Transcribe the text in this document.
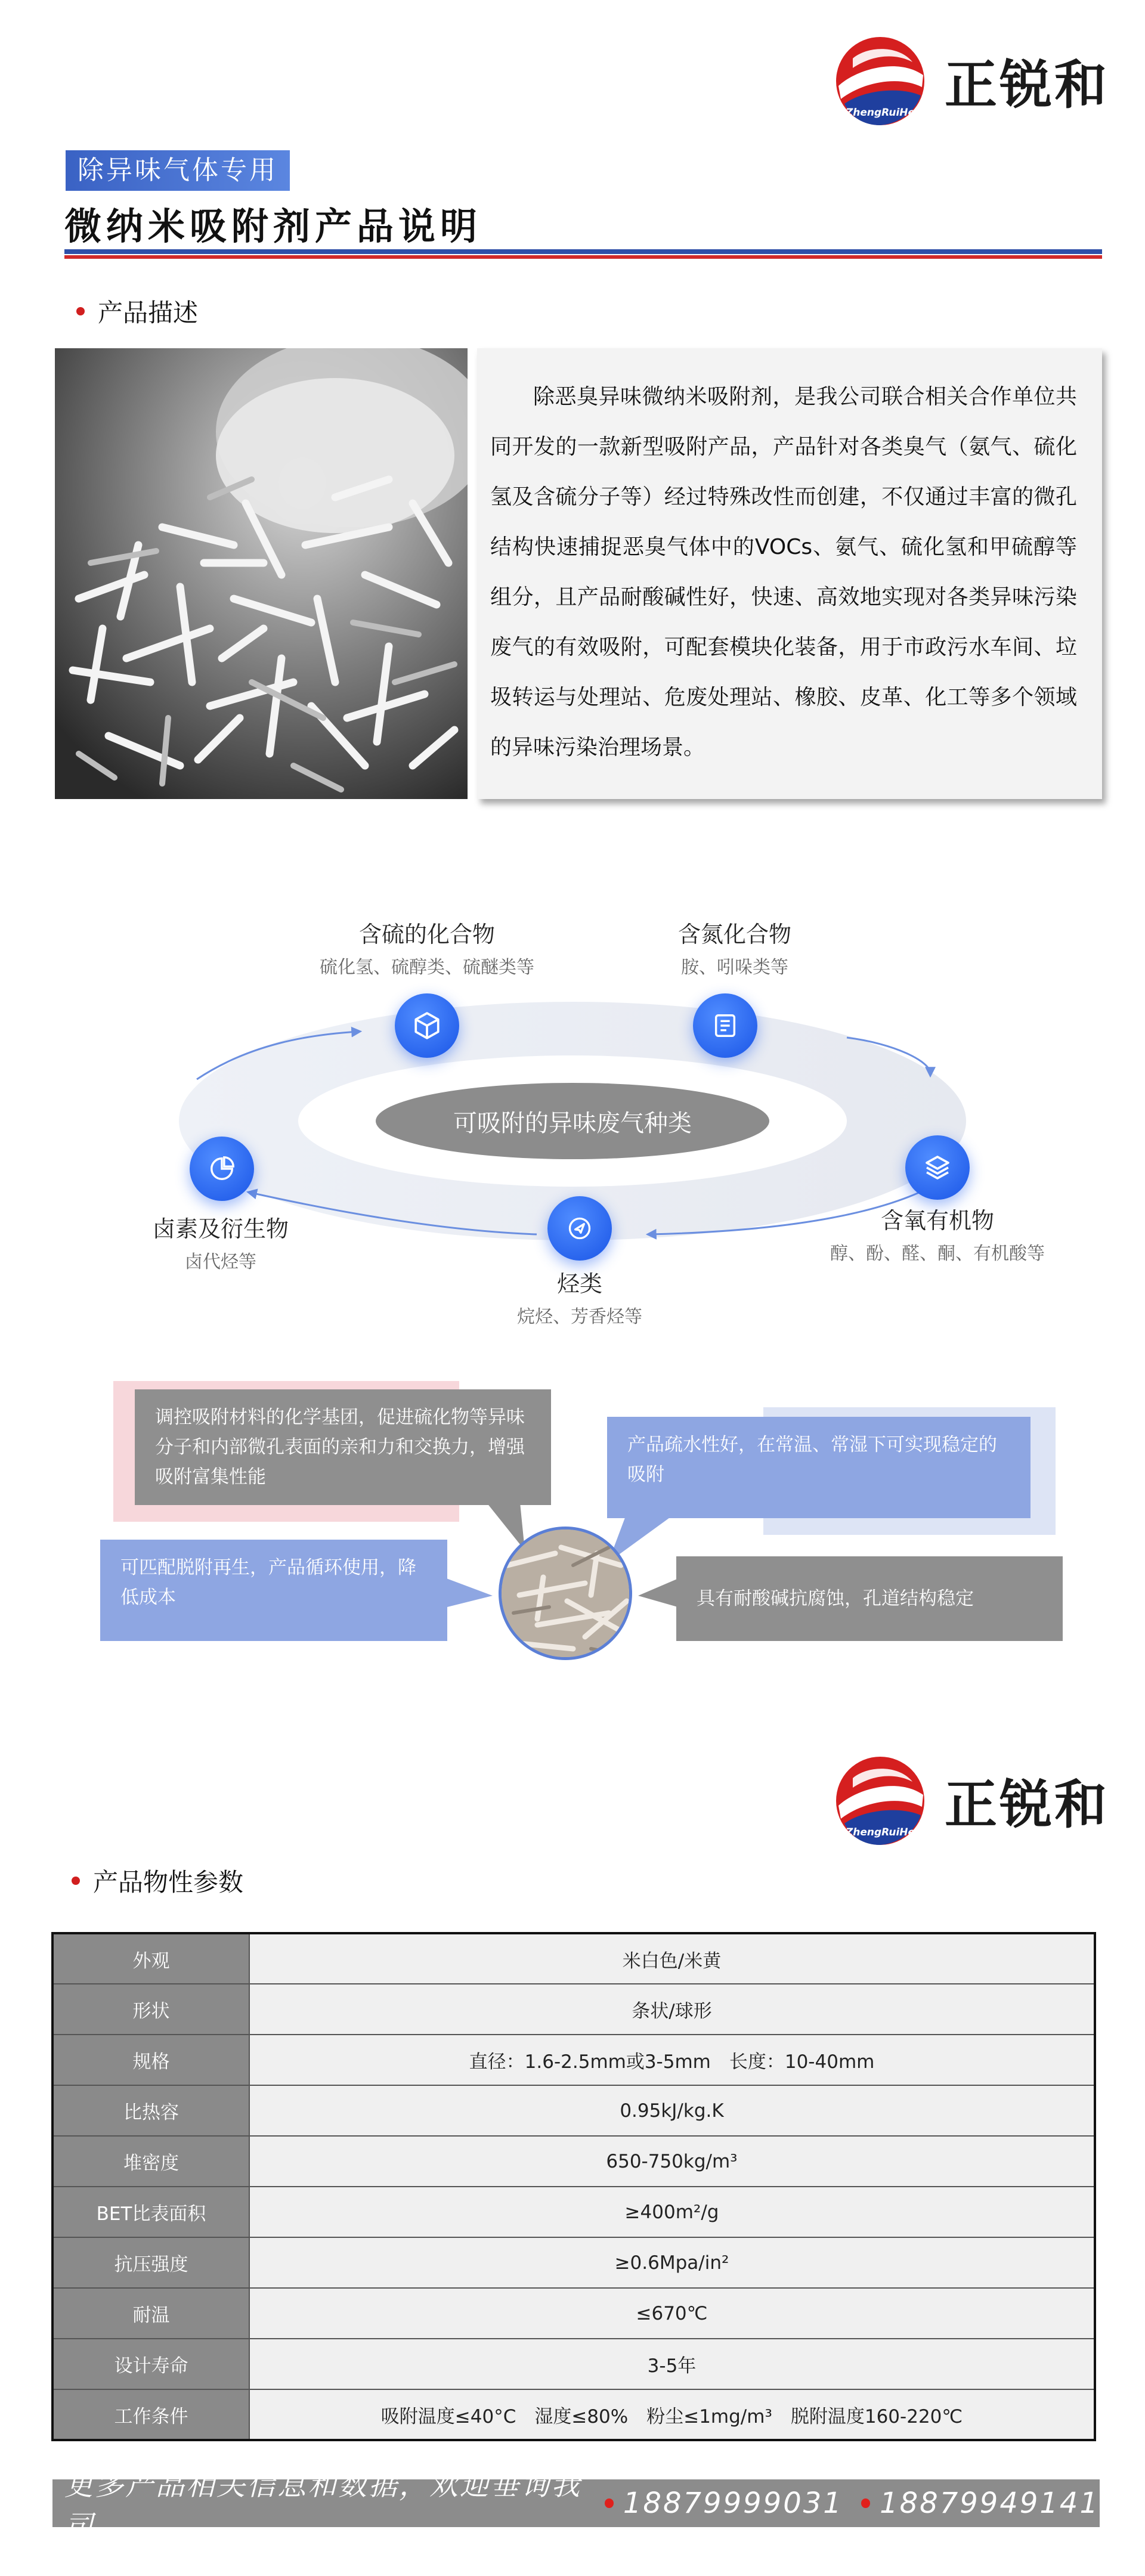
ZhengRuiHe 正锐和
除异味气体专用
微纳米吸附剂产品说明
产品描述

除恶臭异味微纳米吸附剂，是我公司联合相关合作单位共同开发的一款新型吸附产品，产品针对各类臭气（氨气、硫化氢及含硫分子等）经过特殊改性而创建，不仅通过丰富的微孔结构快速捕捉恶臭气体中的VOCs、氨气、硫化氢和甲硫醇等组分，且产品耐酸碱性好，快速、高效地实现对各类异味污染废气的有效吸附，可配套模块化装备，用于市政污水车间、垃圾转运与处理站、危废处理站、橡胶、皮革、化工等多个领域的异味污染治理场景。

可吸附的异味废气种类
含硫的化合物
硫化氢、硫醇类、硫醚类等
含氮化合物
胺、吲哚类等
含氧有机物
醇、酚、醛、酮、有机酸等
烃类
烷烃、芳香烃等
卤素及衍生物
卤代烃等
调控吸附材料的化学基团，促进硫化物等异味分子和内部微孔表面的亲和力和交换力，增强吸附富集性能
产品疏水性好，在常温、常湿下可实现稳定的吸附
可匹配脱附再生，产品循环使用，降低成本	具有耐酸碱抗腐蚀，孔道结构稳定
ZhengRuiHe 正锐和
产品物性参数
外观	米白色/米黄
形状	条状/球形
规格	直径：1.6-2.5mm或3-5mm　长度：10-40mm
比热容	0.95kJ/kg.K
堆密度	650-750kg/m³
BET比表面积	≥400m²/g
抗压强度	≥0.6Mpa/in²
耐温	≤670℃
设计寿命	3-5年
工作条件	吸附温度≤40°C　湿度≤80%　粉尘≤1mg/m³　脱附温度160-220℃
更多产品相关信息和数据，欢迎垂询我司
18879999031 18879949141
